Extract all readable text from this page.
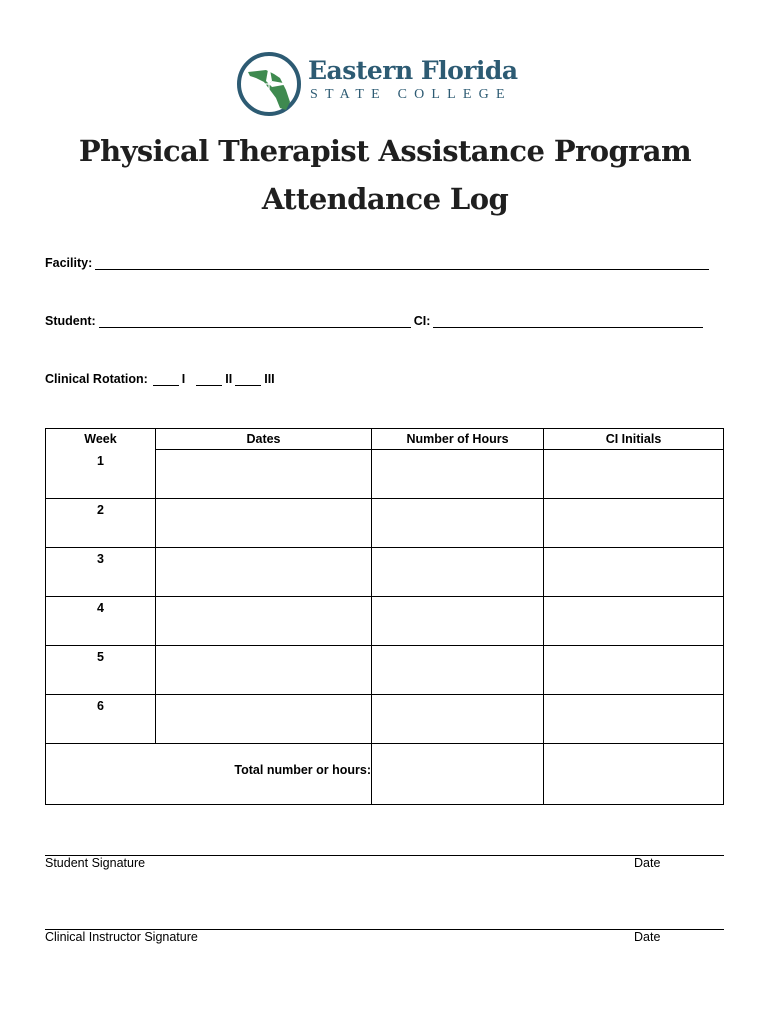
Eastern Florida
STATE COLLEGE
Physical Therapist Assistance Program
Attendance Log
Facility:
Student:	CI:
Clinical Rotation:	I	II	III
Week	Dates	Number of Hours	CI Initials
1			
2			
3			
4			
5			
6			
Total number or hours:			
Student Signature	Date
Clinical Instructor Signature	Date
